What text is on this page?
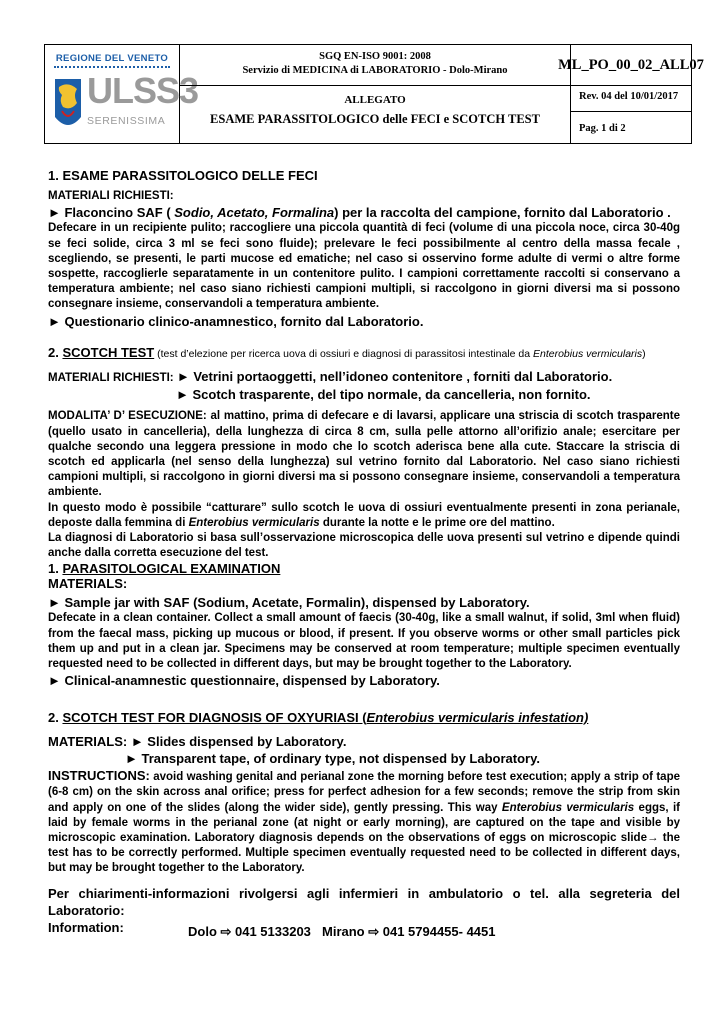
REGIONE DEL VENETO
ULSS3
SERENISSIMA
SGQ EN-ISO 9001: 2008
Servizio di MEDICINA di LABORATORIO - Dolo-Mirano	ML_PO_00_02_ALL07
ALLEGATO
ESAME PARASSITOLOGICO delle FECI e SCOTCH TEST
Rev. 04 del 10/01/2017
Pag. 1 di 2
1. ESAME PARASSITOLOGICO DELLE FECI
MATERIALI RICHIESTI:
► Flaconcino SAF ( Sodio, Acetato, Formalina) per la raccolta del campione, fornito dal Laboratorio .
Defecare in un recipiente pulito; raccogliere una piccola quantità di feci (volume di una piccola noce, circa 30-40g se feci solide, circa 3 ml se feci sono fluide); prelevare le feci possibilmente al centro della massa fecale , scegliendo, se presenti, le parti mucose ed ematiche; nel caso si osservino forme adulte di vermi o altre forme sospette, raccoglierle separatamente in un contenitore pulito. I campioni correttamente raccolti si conservano a temperatura ambiente; nel caso siano richiesti campioni multipli, si raccolgono in giorni diversi ma si possono consegnare insieme, conservandoli a temperatura ambiente.
► Questionario clinico-anamnestico, fornito dal Laboratorio.
2. SCOTCH TEST (test d’elezione per ricerca uova di ossiuri e diagnosi di parassitosi intestinale da Enterobius vermicularis)
MATERIALI RICHIESTI: ► Vetrini portaoggetti, nell’idoneo contenitore , forniti dal Laboratorio.
► Scotch trasparente, del tipo normale, da cancelleria, non fornito.
MODALITA’ D’ ESECUZIONE: al mattino, prima di defecare e di lavarsi, applicare una striscia di scotch trasparente (quello usato in cancelleria), della lunghezza di circa 8 cm, sulla pelle attorno all’orifizio anale; esercitare per qualche secondo una leggera pressione in modo che lo scotch aderisca bene alla cute. Staccare la striscia di scotch ed applicarla (nel senso della lunghezza) sul vetrino fornito dal Laboratorio. Nel caso siano richiesti campioni multipli, si raccolgono in giorni diversi ma si possono consegnare insieme, conservandoli a temperatura ambiente.
In questo modo è possibile “catturare” sullo scotch le uova di ossiuri eventualmente presenti in zona perianale, deposte dalla femmina di Enterobius vermicularis durante la notte e le prime ore del mattino.
La diagnosi di Laboratorio si basa sull’osservazione microscopica delle uova presenti sul vetrino e dipende quindi anche dalla corretta esecuzione del test.
1. PARASITOLOGICAL EXAMINATION
MATERIALS:
► Sample jar with SAF (Sodium, Acetate, Formalin), dispensed by Laboratory.
Defecate in a clean container. Collect a small amount of faecis (30-40g, like a small walnut, if solid, 3ml when fluid) from the faecal mass, picking up mucous or blood, if present. If you observe worms or other small particles pick them up and put in a clean jar. Specimens may be conserved at room temperature; multiple specimen eventually requested need to be collected in different days, but may be brought together to the Laboratory.
► Clinical-anamnestic questionnaire, dispensed by Laboratory.
2. SCOTCH TEST FOR DIAGNOSIS OF OXYURIASI (Enterobius vermicularis infestation)
MATERIALS: ► Slides dispensed by Laboratory.
► Transparent tape, of ordinary type, not dispensed by Laboratory.
INSTRUCTIONS: avoid washing genital and perianal zone the morning before test execution; apply a strip of tape (6-8 cm) on the skin across anal orifice; press for perfect adhesion for a few seconds; remove the strip from skin and apply on one of the slides (along the wider side), gently pressing. This way Enterobius vermicularis eggs, if laid by female worms in the perianal zone (at night or early morning), are captured on the tape and visible by microscopic examination. Laboratory diagnosis depends on the observations of eggs on microscopic slide→ the test has to be correctly performed. Multiple specimen eventually requested need to be collected in different days, but may be brought together to the Laboratory.
Per chiarimenti-informazioni rivolgersi agli infermieri in ambulatorio o tel. alla segreteria del Laboratorio:
Information:	Dolo ⇨ 041 5133203 Mirano ⇨ 041 5794455- 4451
